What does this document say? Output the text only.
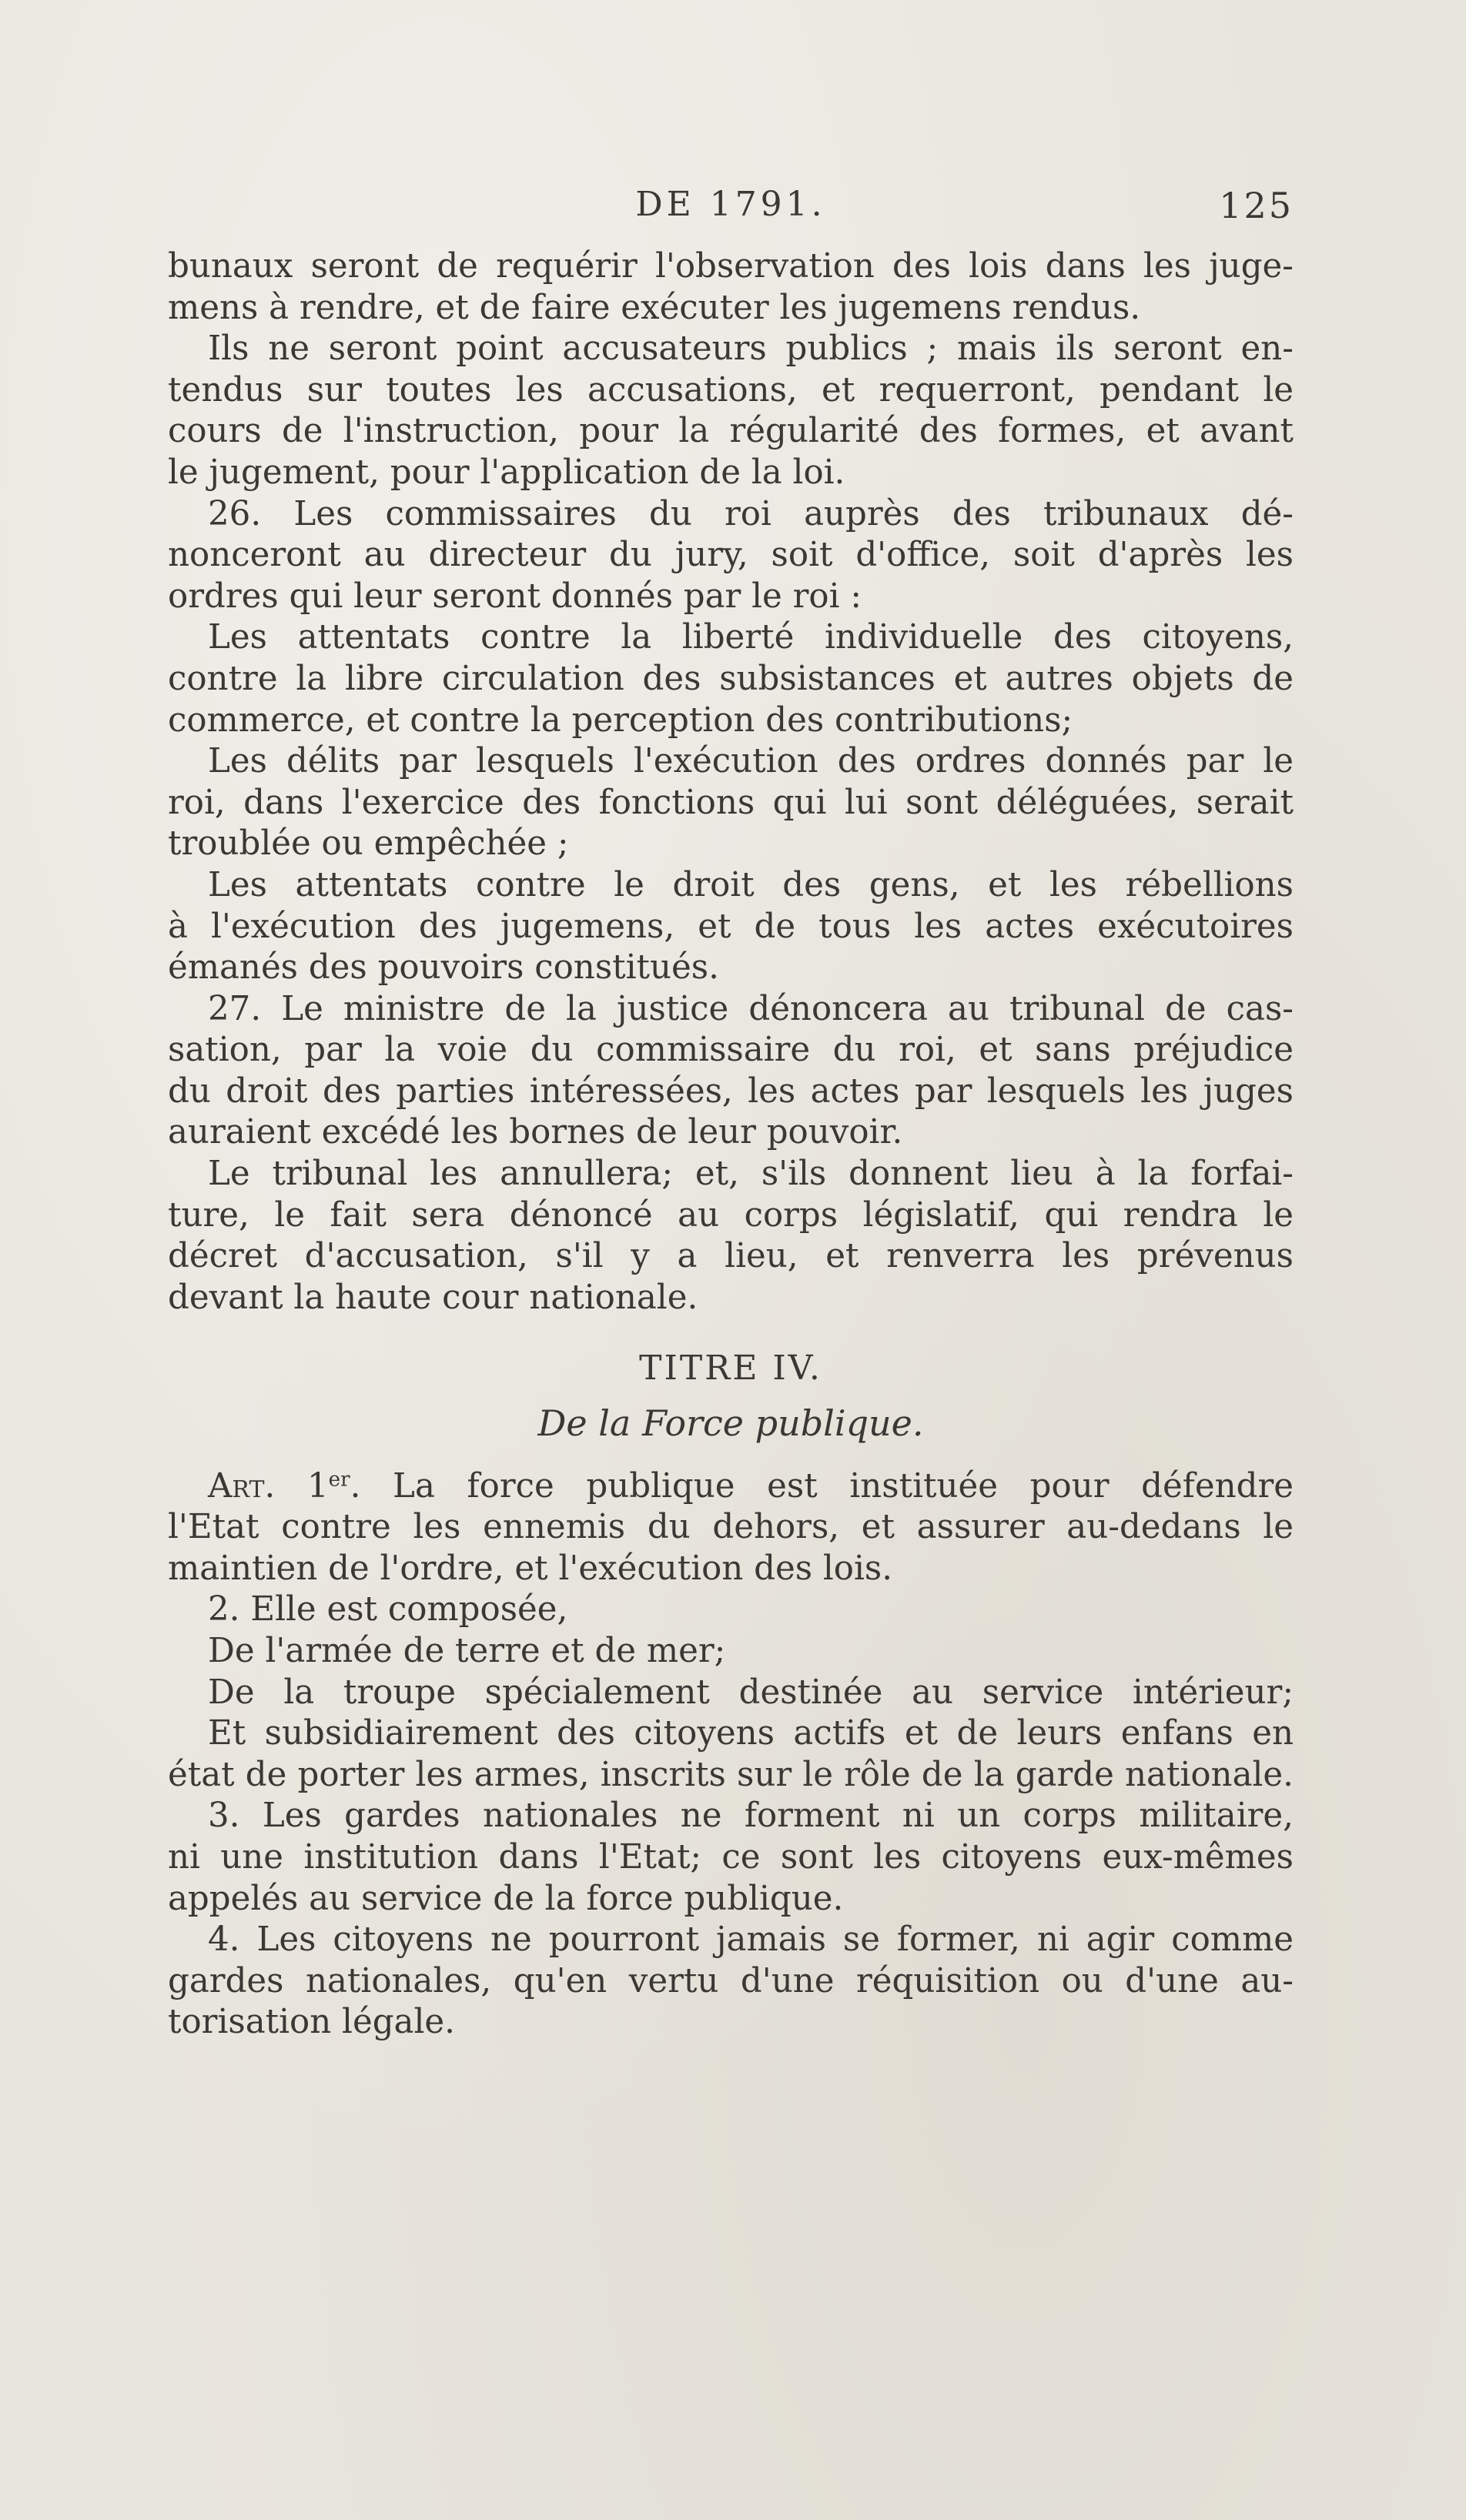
DE 1791.	125
bunaux seront de requérir l'observation des lois dans les juge-
mens à rendre, et de faire exécuter les jugemens rendus.
Ils ne seront point accusateurs publics ; mais ils seront en-
tendus sur toutes les accusations, et requerront, pendant le
cours de l'instruction, pour la régularité des formes, et avant
le jugement, pour l'application de la loi.
26. Les commissaires du roi auprès des tribunaux dé-
nonceront au directeur du jury, soit d'office, soit d'après les
ordres qui leur seront donnés par le roi :
Les attentats contre la liberté individuelle des citoyens,
contre la libre circulation des subsistances et autres objets de
commerce, et contre la perception des contributions;
Les délits par lesquels l'exécution des ordres donnés par le
roi, dans l'exercice des fonctions qui lui sont déléguées, serait
troublée ou empêchée ;
Les attentats contre le droit des gens, et les rébellions
à l'exécution des jugemens, et de tous les actes exécutoires
émanés des pouvoirs constitués.
27. Le ministre de la justice dénoncera au tribunal de cas-
sation, par la voie du commissaire du roi, et sans préjudice
du droit des parties intéressées, les actes par lesquels les juges
auraient excédé les bornes de leur pouvoir.
Le tribunal les annullera; et, s'ils donnent lieu à la forfai-
ture, le fait sera dénoncé au corps législatif, qui rendra le
décret d'accusation, s'il y a lieu, et renverra les prévenus
devant la haute cour nationale.
TITRE IV.
De la Force publique.
Art. 1er. La force publique est instituée pour défendre
l'Etat contre les ennemis du dehors, et assurer au-dedans le
maintien de l'ordre, et l'exécution des lois.
2. Elle est composée,
De l'armée de terre et de mer;
De la troupe spécialement destinée au service intérieur;
Et subsidiairement des citoyens actifs et de leurs enfans en
état de porter les armes, inscrits sur le rôle de la garde nationale.
3. Les gardes nationales ne forment ni un corps militaire,
ni une institution dans l'Etat; ce sont les citoyens eux-mêmes
appelés au service de la force publique.
4. Les citoyens ne pourront jamais se former, ni agir comme
gardes nationales, qu'en vertu d'une réquisition ou d'une au-
torisation légale.
